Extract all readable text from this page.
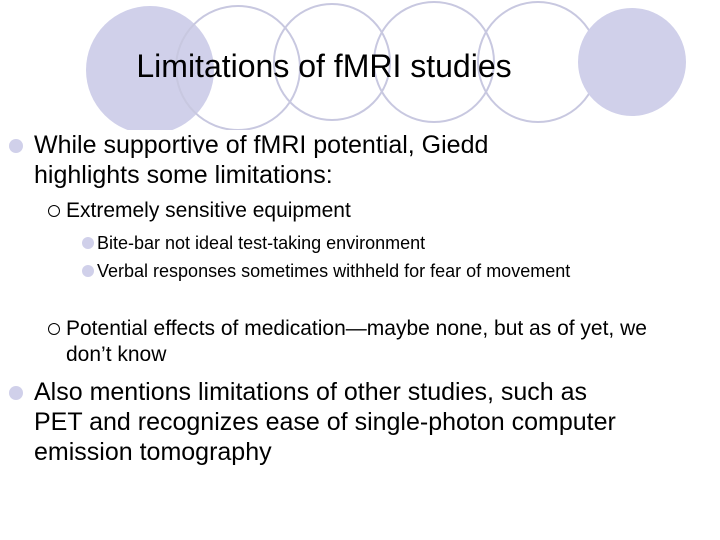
Limitations of fMRI studies
While supportive of fMRI potential, Giedd highlights some limitations:
Extremely sensitive equipment
Bite-bar not ideal test-taking environment
Verbal responses sometimes withheld for fear of movement
Potential effects of medication—maybe none, but as of yet, we don’t know
Also mentions limitations of other studies, such as PET and recognizes ease of single-photon computer emission tomography
